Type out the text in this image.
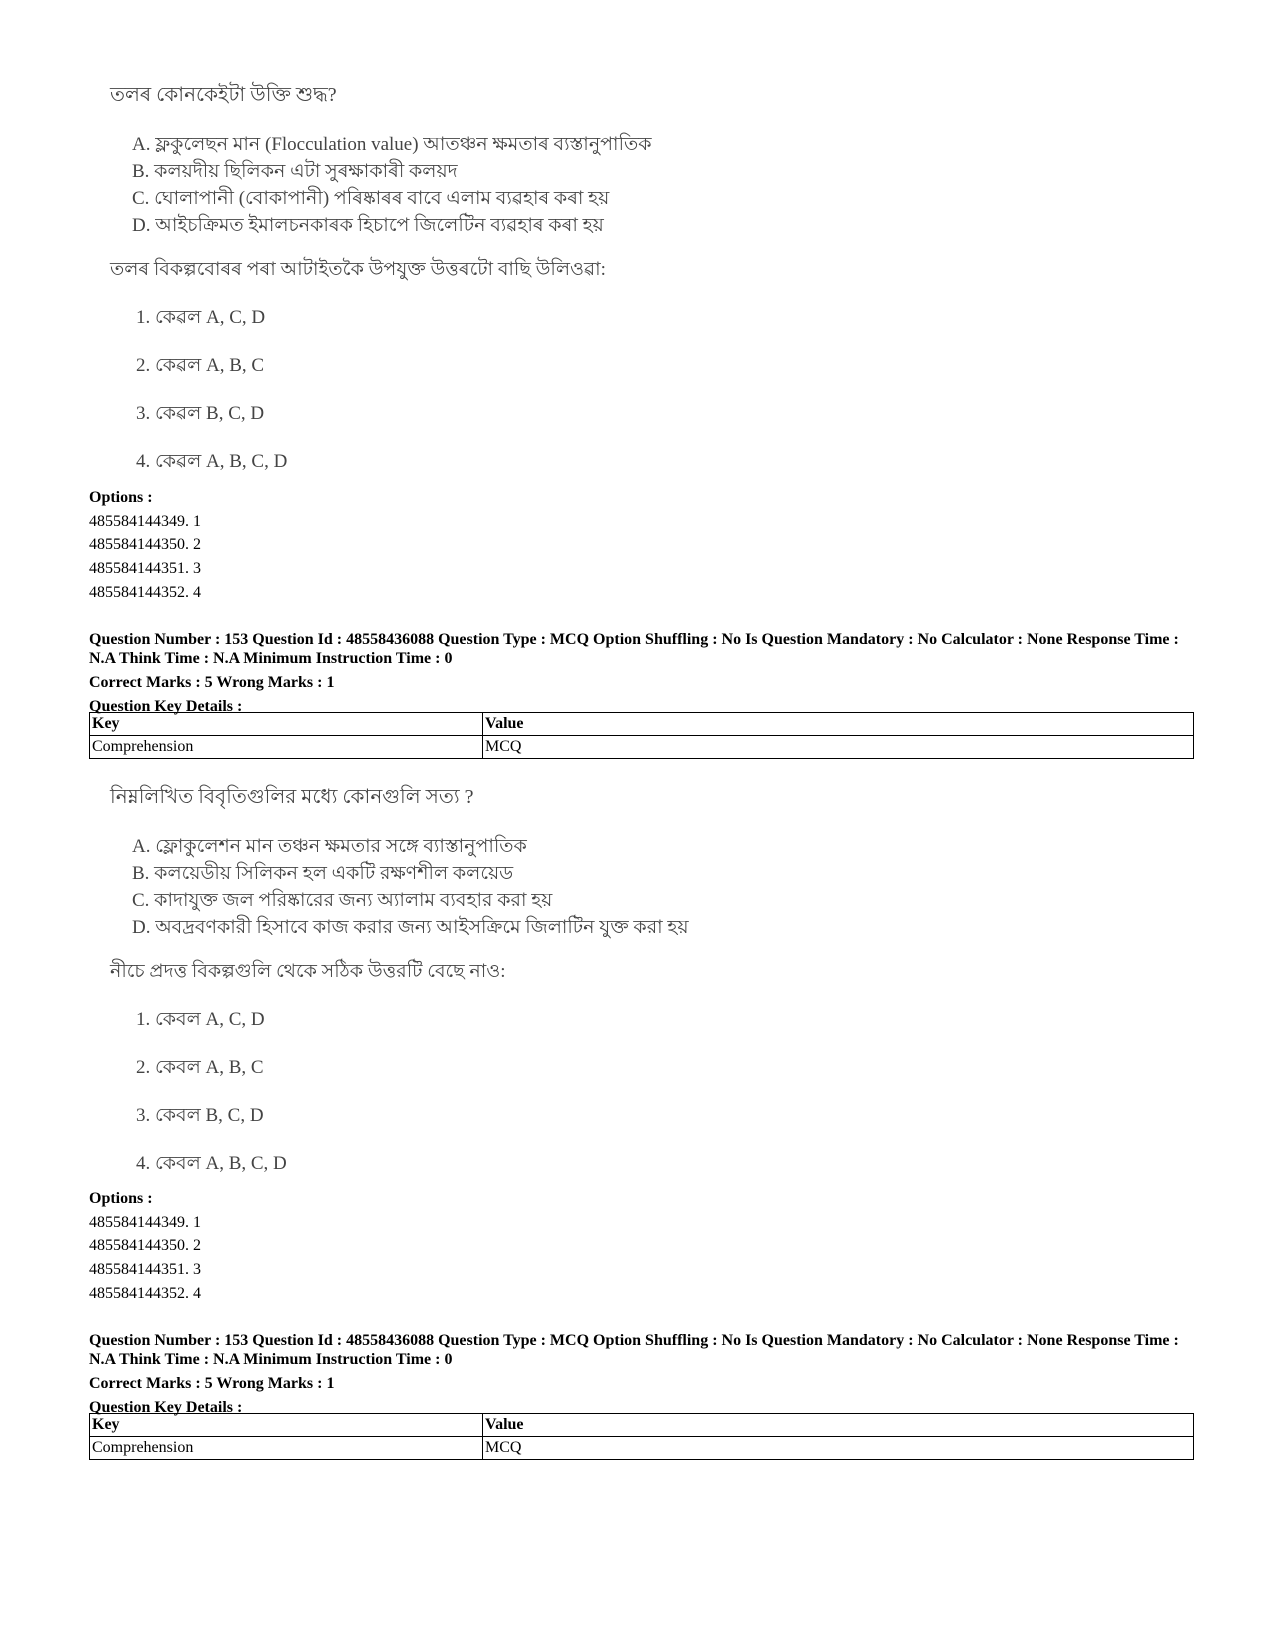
তলৰ কোনকেইটা উক্তি শুদ্ধ?
A. ফ্লকুলেছন মান (Flocculation value) আতঞ্চন ক্ষমতাৰ ব্যস্তানুপাতিক
B. কলয়দীয় ছিলিকন এটা সুৰক্ষাকাৰী কলয়দ
C. ঘোলাপানী (বোকাপানী) পৰিষ্কাৰৰ বাবে এলাম ব্যৱহাৰ কৰা হয়
D. আইচক্ৰিমত ইমালচনকাৰক হিচাপে জিলেটিন ব্যৱহাৰ কৰা হয়
তলৰ বিকল্পবোৰৰ পৰা আটাইতকৈ উপযুক্ত উত্তৰটো বাছি উলিওৱা:
1. কেৱল A, C, D
2. কেৱল A, B, C
3. কেৱল B, C, D
4. কেৱল A, B, C, D
Options :
485584144349. 1
485584144350. 2
485584144351. 3
485584144352. 4

Question Number : 153 Question Id : 48558436088 Question Type : MCQ Option Shuffling : No Is Question Mandatory : No Calculator : None Response Time : N.A Think Time : N.A Minimum Instruction Time : 0

Correct Marks : 5 Wrong Marks : 1

Question Key Details :

Key	Value
Comprehension	MCQ
নিম্নলিখিত বিবৃতিগুলির মধ্যে কোনগুলি সত্য ?
A. ফ্লোকুলেশন মান তঞ্চন ক্ষমতার সঙ্গে ব্যাস্তানুপাতিক
B. কলয়েডীয় সিলিকন হল একটি রক্ষণশীল কলয়েড
C. কাদাযুক্ত জল পরিষ্কারের জন্য অ্যালাম ব্যবহার করা হয়
D. অবদ্রবণকারী হিসাবে কাজ করার জন্য আইসক্রিমে জিলাটিন যুক্ত করা হয়
নীচে প্রদত্ত বিকল্পগুলি থেকে সঠিক উত্তরটি বেছে নাও:
1. কেবল A, C, D
2. কেবল A, B, C
3. কেবল B, C, D
4. কেবল A, B, C, D
Options :
485584144349. 1
485584144350. 2
485584144351. 3
485584144352. 4

Question Number : 153 Question Id : 48558436088 Question Type : MCQ Option Shuffling : No Is Question Mandatory : No Calculator : None Response Time : N.A Think Time : N.A Minimum Instruction Time : 0

Correct Marks : 5 Wrong Marks : 1

Question Key Details :

Key	Value
Comprehension	MCQ
